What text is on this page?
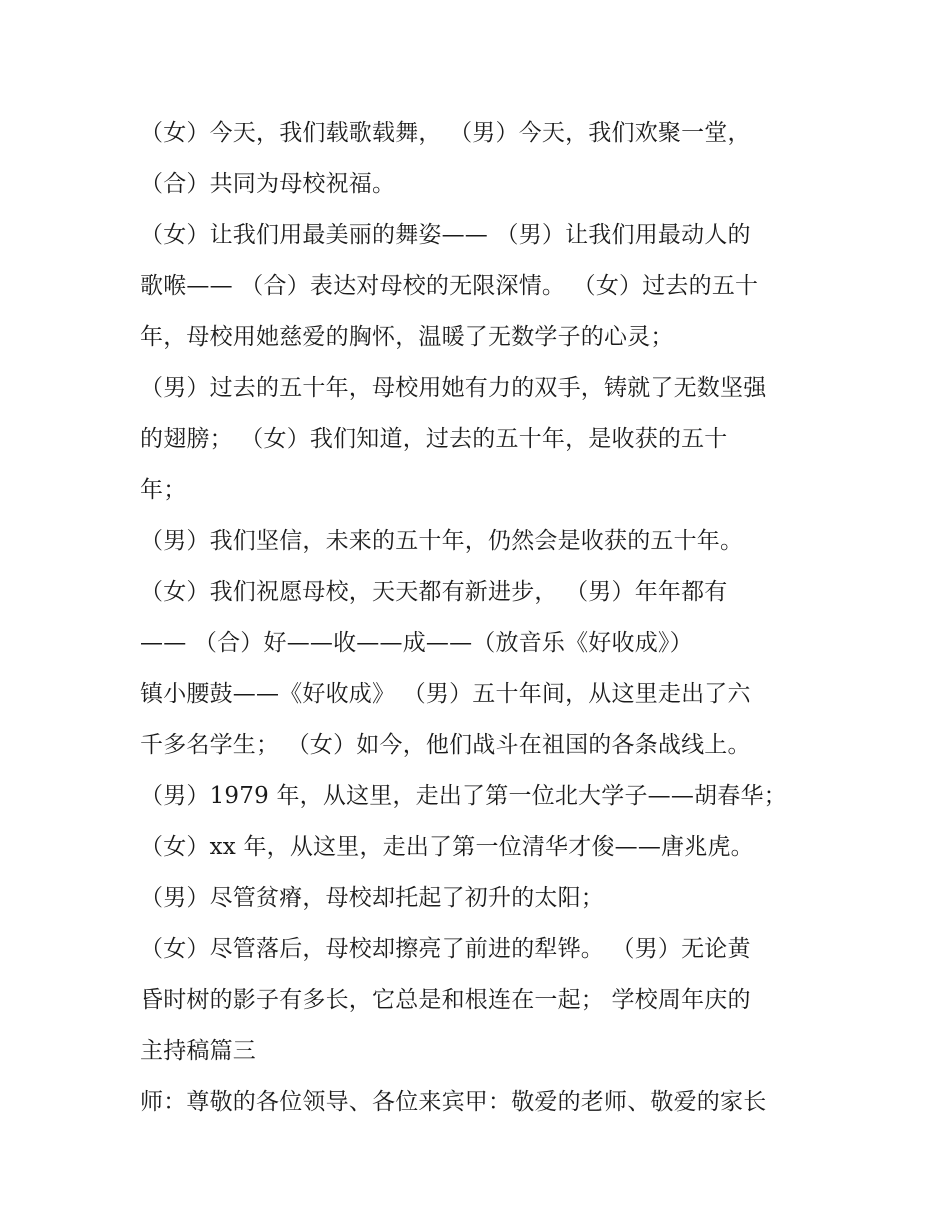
（女）今天，我们载歌载舞， （男）今天，我们欢聚一堂，
（合）共同为母校祝福。
（女）让我们用最美丽的舞姿—— （男）让我们用最动人的
歌喉—— （合）表达对母校的无限深情。 （女）过去的五十
年，母校用她慈爱的胸怀，温暖了无数学子的心灵；
（男）过去的五十年，母校用她有力的双手，铸就了无数坚强
的翅膀； （女）我们知道，过去的五十年，是收获的五十
年；
（男）我们坚信，未来的五十年，仍然会是收获的五十年。
（女）我们祝愿母校，天天都有新进步， （男）年年都有
—— （合）好——收——成——（放音乐《好收成》）
镇小腰鼓——《好收成》 （男）五十年间，从这里走出了六
千多名学生； （女）如今，他们战斗在祖国的各条战线上。
（男）1979 年，从这里，走出了第一位北大学子——胡春华；
（女）xx 年，从这里，走出了第一位清华才俊——唐兆虎。
（男）尽管贫瘠，母校却托起了初升的太阳；
（女）尽管落后，母校却擦亮了前进的犁铧。 （男）无论黄
昏时树的影子有多长，它总是和根连在一起； 学校周年庆的
主持稿篇三
师：尊敬的各位领导、各位来宾甲：敬爱的老师、敬爱的家长
